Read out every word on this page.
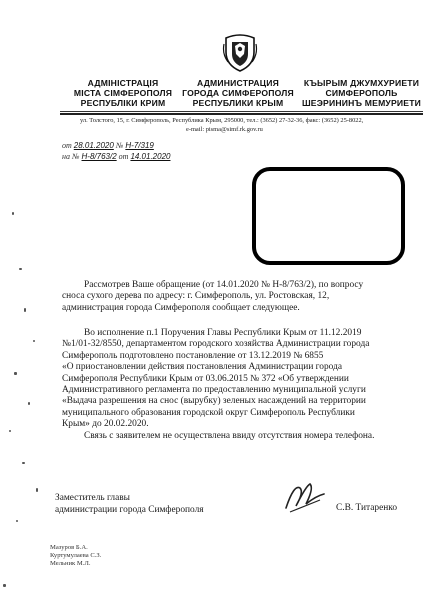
АДМІНІСТРАЦІЯ
МІСТА СІМФЕРОПОЛЯ
РЕСПУБЛІКИ КРИМ
АДМИНИСТРАЦИЯ
ГОРОДА СИМФЕРОПОЛЯ
РЕСПУБЛИКИ КРЫМ
КЪЫРЫМ ДЖУМХУРИЕТИ
СИМФЕРОПОЛЬ
ШЕЭРИНИНЪ МЕМУРИЕТИ
ул. Толстого, 15, г. Симферополь, Республика Крым, 295000, тел.: (3652) 27-32-36, факс: (3652) 25-8022,
e-mail: pisma@simf.rk.gov.ru
от 28.01.2020 № Н-7/319
на № Н-8/763/2 от 14.01.2020
Рассмотрев Ваше обращение (от 14.01.2020 № Н-8/763/2), по вопросу
сноса сухого дерева по адресу: г. Симферополь, ул. Ростовская, 12,
администрация города Симферополя сообщает следующее.
Во исполнение п.1 Поручения Главы Республики Крым от 11.12.2019
№1/01-32/8550, департаментом городского хозяйства Администрации города
Симферополь подготовлено постановление от 13.12.2019 № 6855
«О приостановлении действия постановления Администрации города
Симферополя Республики Крым от 03.06.2015 № 372 «Об утверждении
Административного регламента по предоставлению муниципальной услуги
«Выдача разрешения на снос (вырубку) зеленых насаждений на территории
муниципального образования городской округ Симферополь Республики
Крым» до 20.02.2020.
Связь с заявителем не осуществлена ввиду отсутствия номера телефона.
Заместитель главы
администрации города Симферополя	С.В. Титаренко
Мазуров Б.А.
Куртумулаева С.З.
Мельник М.Л.
